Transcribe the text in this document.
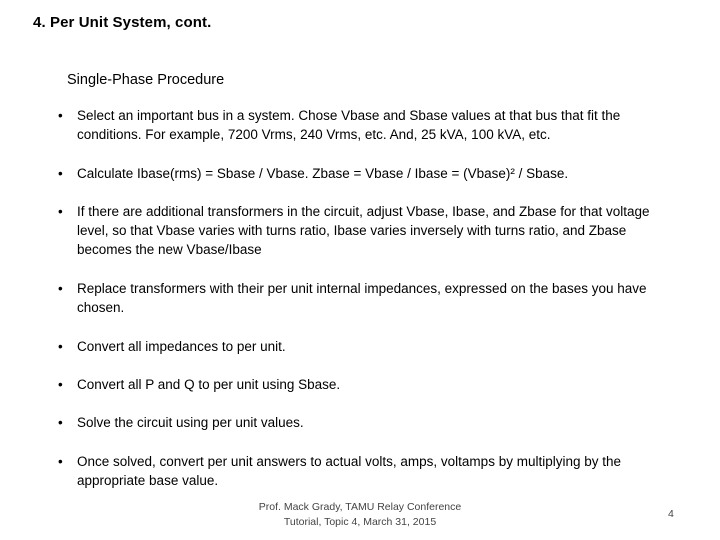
4. Per Unit System, cont.
Single-Phase Procedure
•	Select an important bus in a system. Chose Vbase and Sbase values at that bus that fit the conditions. For example, 7200 Vrms, 240 Vrms, etc. And, 25 kVA, 100 kVA, etc.
•	Calculate Ibase(rms) = Sbase / Vbase. Zbase = Vbase / Ibase = (Vbase)² / Sbase.
•	If there are additional transformers in the circuit, adjust Vbase, Ibase, and Zbase for that voltage level, so that Vbase varies with turns ratio, Ibase varies inversely with turns ratio, and Zbase becomes the new Vbase/Ibase
•	Replace transformers with their per unit internal impedances, expressed on the bases you have chosen.
•	Convert all impedances to per unit.
•	Convert all P and Q to per unit using Sbase.
•	Solve the circuit using per unit values.
•	Once solved, convert per unit answers to actual volts, amps, voltamps by multiplying by the appropriate base value.
Prof. Mack Grady, TAMU Relay Conference
Tutorial, Topic 4, March 31, 2015
4
